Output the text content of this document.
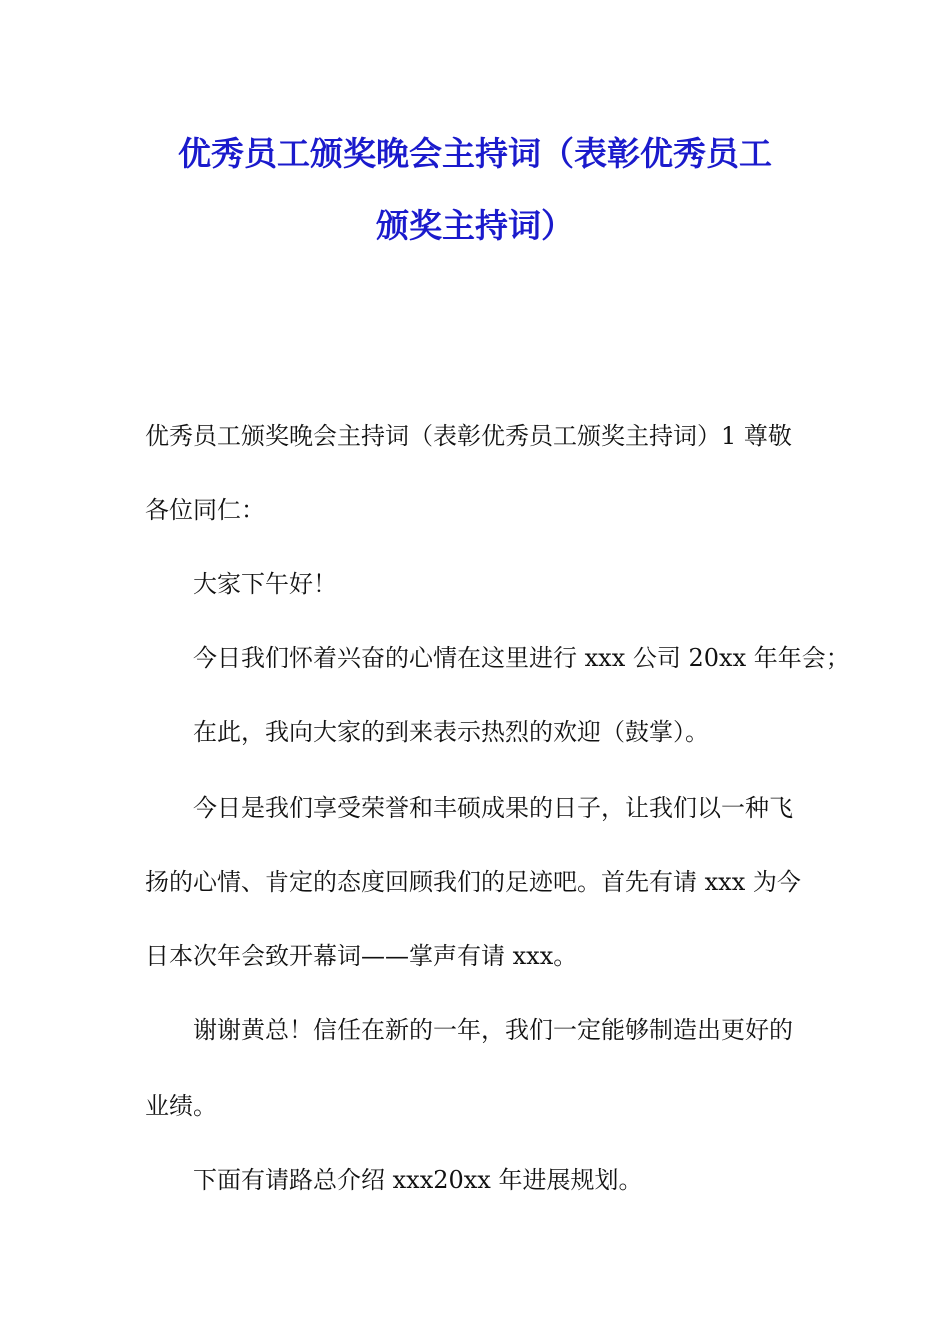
优秀员工颁奖晚会主持词（表彰优秀员工
颁奖主持词）

优秀员工颁奖晚会主持词（表彰优秀员工颁奖主持词）1 尊敬

各位同仁：

大家下午好！

今日我们怀着兴奋的心情在这里进行 xxx 公司 20xx 年年会；

在此，我向大家的到来表示热烈的欢迎（鼓掌）。

今日是我们享受荣誉和丰硕成果的日子，让我们以一种飞

扬的心情、肯定的态度回顾我们的足迹吧。首先有请 xxx 为今

日本次年会致开幕词——掌声有请 xxx。

谢谢黄总！信任在新的一年，我们一定能够制造出更好的

业绩。

下面有请路总介绍 xxx20xx 年进展规划。
